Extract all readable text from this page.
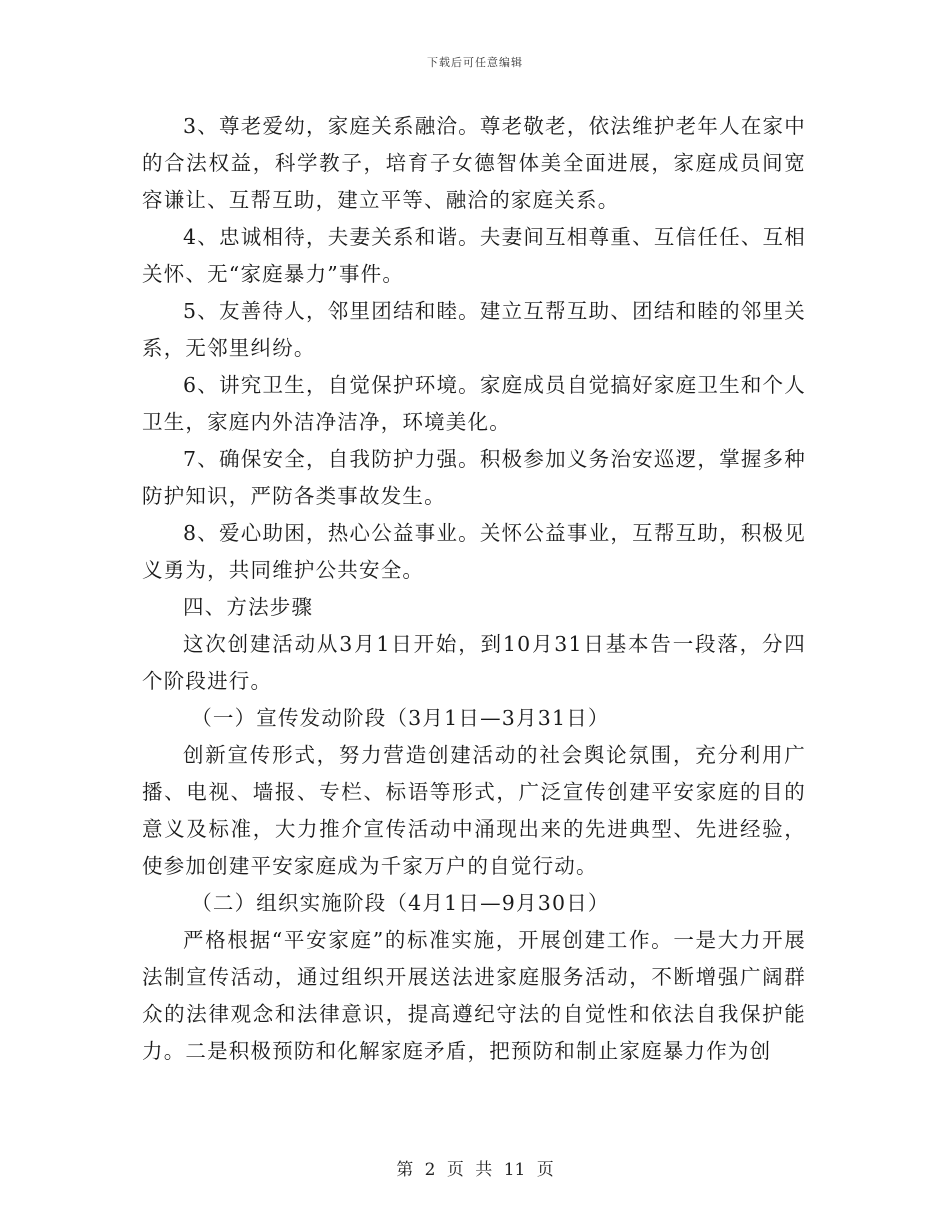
下载后可任意编辑

3、尊老爱幼，家庭关系融洽。尊老敬老，依法维护老年人在家中的合法权益，科学教子，培育子女德智体美全面进展，家庭成员间宽容谦让、互帮互助，建立平等、融洽的家庭关系。

4、忠诚相待，夫妻关系和谐。夫妻间互相尊重、互信任任、互相关怀、无“家庭暴力”事件。

5、友善待人，邻里团结和睦。建立互帮互助、团结和睦的邻里关系，无邻里纠纷。

6、讲究卫生，自觉保护环境。家庭成员自觉搞好家庭卫生和个人卫生，家庭内外洁净洁净，环境美化。

7、确保安全，自我防护力强。积极参加义务治安巡逻，掌握多种防护知识，严防各类事故发生。

8、爱心助困，热心公益事业。关怀公益事业，互帮互助，积极见义勇为，共同维护公共安全。

四、方法步骤

这次创建活动从3月1日开始，到10月31日基本告一段落，分四个阶段进行。

（一）宣传发动阶段（3月1日—3月31日）

创新宣传形式，努力营造创建活动的社会舆论氛围，充分利用广播、电视、墙报、专栏、标语等形式，广泛宣传创建平安家庭的目的意义及标准，大力推介宣传活动中涌现出来的先进典型、先进经验，使参加创建平安家庭成为千家万户的自觉行动。

（二）组织实施阶段（4月1日—9月30日）

严格根据“平安家庭”的标准实施，开展创建工作。一是大力开展法制宣传活动，通过组织开展送法进家庭服务活动，不断增强广阔群众的法律观念和法律意识，提高遵纪守法的自觉性和依法自我保护能力。二是积极预防和化解家庭矛盾，把预防和制止家庭暴力作为创

第 2 页 共 11 页
